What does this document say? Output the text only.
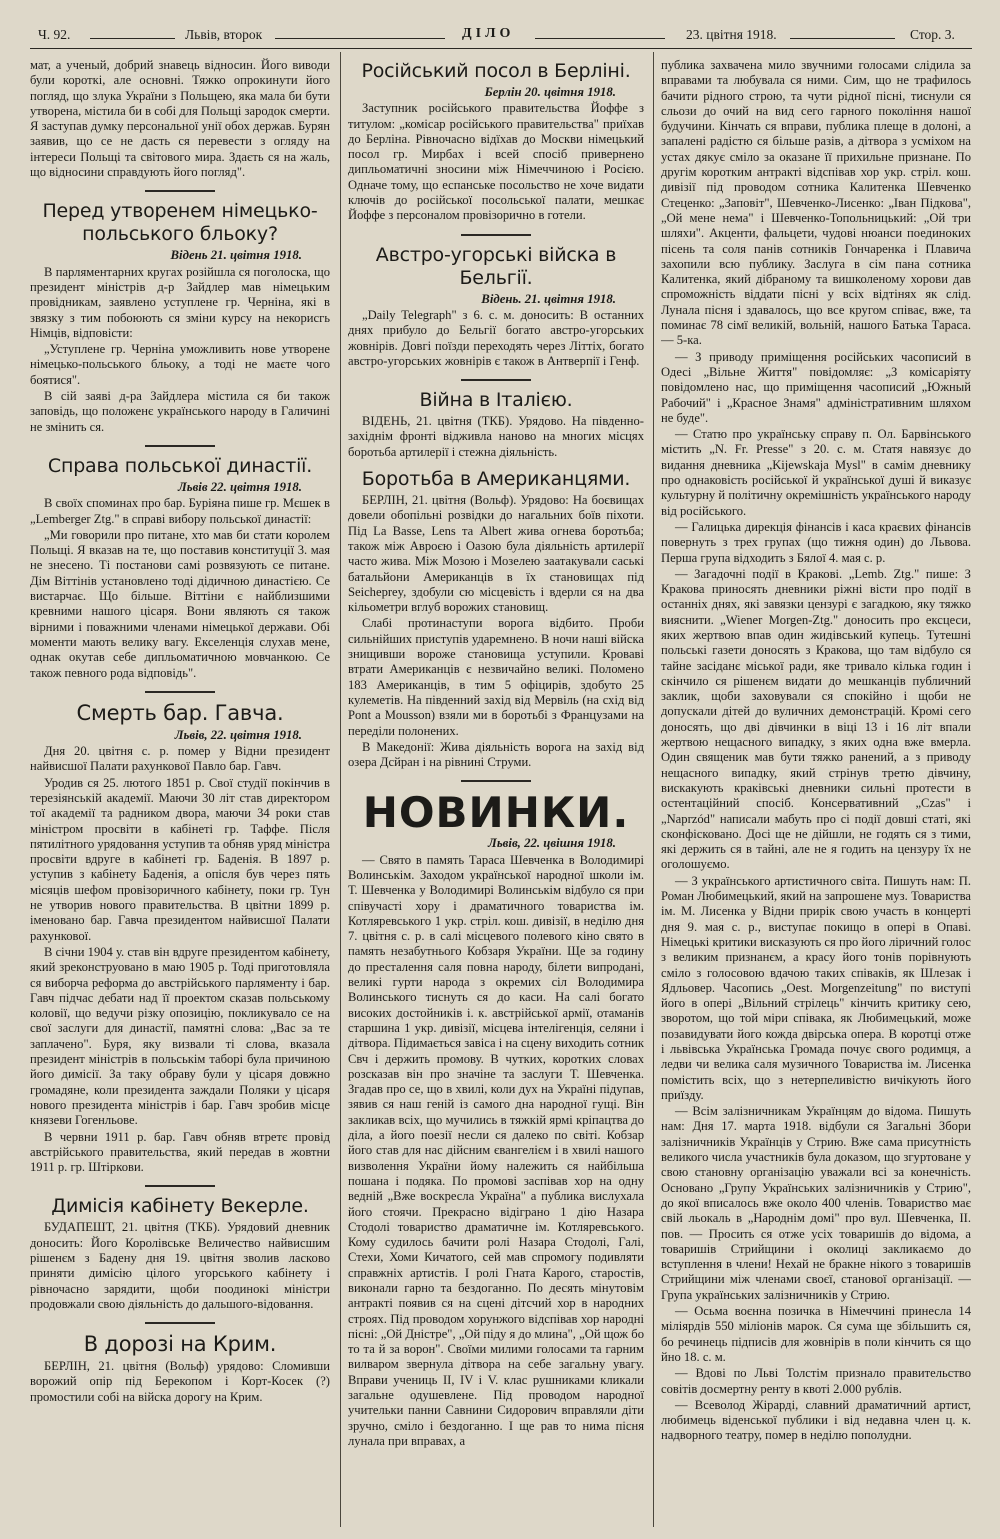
Ч. 92.	Львів, второк	ДІЛО	23. цвітня 1918.	Стор. 3.

мат, а ученый, добрий знавець відносин. Його виводи були короткі, але основні. Тяжко опрокинути його погляд, що злука України з Польщею, яка мала би бути утворена, містила би в собі для Польщі зародок смерти. Я заступав думку персональної унії обох держав. Бурян заявив, що се не дасть ся перевести з огляду на інтереси Польщі та світового мира. Здаєть ся на жаль, що відносини справдують його погляд".

Перед утворенем німецько-польського бльоку?

Відень 21. цвітня 1918.

В парляментарних кругах розійшла ся поголоска, що президент міністрів д-р Зайдлер мав німецьким провідникам, заявлено уступлене гр. Черніна, які в звязку з тим побоюють ся зміни курсу на некорисгь Німців, відповісти:

„Уступлене гр. Черніна уможливить нове утворене німецько-польського бльоку, а тоді не маєте чого боятися".

В сій заяві д-ра Зайдлера містила ся би також заповідь, що положенє українського народу в Галичині не змінить ся.

Справа польської династії.

Львів 22. цвітня 1918.

В своїх споминах про бар. Буріяна пише гр. Мєшек в „Lemberger Ztg." в справі вибору польської династії:

„Ми говорили про питане, хто мав би стати королем Польщі. Я вказав на те, що поставив конституції 3. мая не знесено. Ті постанови самі розвязують се питане. Дім Віттінів установлено тоді дідичною династією. Се вистарчає. Що більше. Віттіни є найблизшими кревними нашого цісаря. Вони являють ся також вірними і поважними членами німецької держави. Обі моменти мають велику вагу. Екселенція слухав мене, однак окутав себе дипльоматичною мовчанкою. Се також певного рода відповідь".

Смерть бар. Гавча.

Львів, 22. цвітня 1918.

Дня 20. цвітня с. р. помер у Відни президент найвисшої Палати рахункової Павло бар. Гавч.

Уродив ся 25. лютого 1851 р. Свої студії покінчив в терезіянській академії. Маючи 30 літ став директором тої академії та радником двора, маючи 34 роки став міністром просвіти в кабінеті гр. Таффе. Після пятилітного урядовання уступив та обняв уряд міністра просвіти вдруге в кабінеті гр. Баденія. В 1897 р. уступив з кабінету Баденія, а опісля був через пять місяців шефом провізоричного кабінету, поки гр. Тун не утворив нового правительства. В цвітни 1899 р. іменовано бар. Гавча президентом найвисшої Палати рахункової.

В січни 1904 у. став він вдруге президентом кабінету, який зреконструовано в маю 1905 р. Тоді приготовляла ся виборча реформа до австрійського парляменту і бар. Гавч підчас дебати над її проектом сказав польському коловії, що ведучи різку опозицію, покликувало се на свої заслуги для династії, памятні слова: „Вас за те заплачено". Буря, яку визвали ті слова, вказала президент міністрів в польськім таборі була причиною його димісії. За таку обраву були у цісаря довжно громадяне, коли президента заждали Поляки у цісаря нового президента міністрів і бар. Гавч зробив місце князеви Гогенльове.

В червни 1911 р. бар. Гавч обняв втретє провід австрійського правительства, який передав в жовтни 1911 р. гр. Штіркови.

Димісія кабінету Векерле.

БУДАПЕШТ, 21. цвітня (ТКБ). Урядовий дневник доносить: Його Королівське Величество найвисшим рішенєм з Бадену дня 19. цвітня зволив ласково приняти димісію цілого угорського кабінету і рівночасно зарядити, щоби поодинокі міністри продовжали свою діяльність до дальшого-відовання.

В дорозі на Крим.

БЕРЛІН, 21. цвітня (Вольф) урядово: Сломивши ворожий опір під Берекопом і Корт-Косек (?) промостили собі на війска дорогу на Крим.

Російський посол в Берліні.

Берлін 20. цвітня 1918.

Заступник російського правительства Йоффе з титулом: „комісар російського правительства" приїхав до Берліна. Рівночасно відїхав до Москви німецький посол гр. Мирбах і всей спосіб привернено дипльоматичні зносини між Німеччиною і Росією. Одначе тому, що еспанське посольство не хоче видати ключів до російської посольської палати, мешкає Йоффе з персоналом провізорично в готели.

Австро-угорські війска в Бельгії.

Відень. 21. цвітня 1918.

„Daily Telegraph" з 6. с. м. доносить: В останних днях прибуло до Бельгії богато австро-угорських жовнірів. Довгі поїзди переходять через Літтіх, богато австро-угорських жовнірів є також в Антверпії і Генф.

Війна в Італією.

ВІДЕНЬ, 21. цвітня (ТКБ). Урядово. На південно-західнім фронті відживла наново на многих місцях боротьба артилерії і стежна діяльність.

Боротьба в Американцями.

БЕРЛІН, 21. цвітня (Вольф). Урядово: На боєвищах довели обопільні розвідки до нагальних боїв піхоти. Під La Basse, Lens та Albert жива огнева боротьба; також між Авроєю і Оазою була діяльність артилерії часто жива. Між Мозою і Мозелею заатакували саські батальйони Американців в їх становищах під Seicheprey, здобули сю місцевість і вдерли ся на два кільометри вглуб ворожих становищ.

Слабі протинаступи ворога відбито. Проби сильнійших приступів ударемнено. В ночи наші війска знищивши вороже становища уступили. Кроваві втрати Американців є незвичайно великі. Поломено 183 Американців, в тим 5 офіцирів, здобуто 25 кулеметів. На південний захід від Мервіль (на схід від Pont a Mousson) взяли ми в боротьбі з Французами на переділи полонених.

В Македонії: Жива діяльність ворога на захід від озера Дсйран і на рівнині Струми.

НОВИНКИ.

Львів, 22. цвішня 1918.

— Свято в память Тараса Шевченка в Володимирі Волинськім. Заходом української народної школи ім. Т. Шевченка у Володимирі Волинськім відбуло ся при співучасті хору і драматичного товариства ім. Котляревського 1 укр. стріл. кош. дивізії, в неділю дня 7. цвітня с. р. в салі місцевого полевого кіно свято в память незабутнього Кобзаря України. Ще за годину до престалення саля повна народу, білети випродані, великі гурти народа з окремих сіл Володимира Волинського тиснуть ся до каси. На салі богато високих достойників і. к. австрійської армії, отаманів старшина 1 укр. дивізії, місцева інтелігенція, селяни і дітвора. Підимається завіса і на сцену виходить сотник Свч і держить промову. В чутких, коротких словах розсказав він про значіне та заслуги Т. Шевченка. Згадав про се, що в хвилі, коли дух на Україні підупав, зявив ся наш геній із самого дна народної гущі. Він закликав всіх, що мучились в тяжкій ярмі кріпацтва до діла, а його поезії несли ся далеко по світі. Кобзар його став для нас дійсним євангелієм і в хвилі нашого визволення України йому належить ся найбільша пошана і подяка. По промові заспівав хор на одну ведній „Вже воскресла Україна" а публика вислухала його стоячи. Прекрасно відіграно 1 дію Назара Стодолі товариство драматичне ім. Котляревського. Кому судилось бачити ролі Назара Стодолі, Галі, Стехи, Хоми Кичатого, сей мав спромогу подивляти справжніх артистів. І ролі Гната Карого, старостів, виконали гарно та бездоганно. По десять мінутовім антракті появив ся на сцені дітсчий хор в народних строях. Під проводом хорунжого відспівав хор народні пісні: „Ой Дністре", „Ой піду я до млина", „Ой щож бо то та й за ворон". Своїми милими голосами та гарним вилваром звернула дітвора на себе загальну увагу. Вправи учениць II, IV і V. клас рушниками кликали загальне одушевлене. Під проводом народної учительки панни Савнини Сидорович вправляли діти зручно, сміло і бездоганно. І ще рав то нима пісня лунала при вправах, а

публика захвачена мило звучними голосами слідила за вправами та любувала ся ними. Сим, що не трафилось бачити рідного строю, та чути рідної пісні, тиснули ся сльози до очий на вид сего гарного покоління нашої будучини. Кінчать ся вправи, публика плеще в долоні, а запалені радістю ся більше разів, а дітвора з усміхом на устах дякує сміло за оказане її прихильне признане. По другім коротким антракті відспівав хор укр. стріл. кош. дивізії під проводом сотника Калитенка Шевченко Стеценко: „Заповіт", Шевченко-Лисенко: „Іван Підкова", „Ой мене нема" і Шевченко-Топольницький: „Ой три шляхи". Акценти, фальцети, чудові нюанси поединоких пісень та соля панів сотників Гончаренка і Плавича захопили всю публику. Заслуга в сім пана сотника Калитенка, який дібраному та вишколеному хорови дав спроможність віддати пісні у всіх відтінях як слід. Лунала пісня і здавалось, що все кругом співає, вже, та поминає 78 сімї великій, вольній, нашого Батька Тараса. — 5-ка.

— З приводу приміщення російських часописий в Одесі „Вільне Життя" повідомляє: „З комісаріяту повідомлено нас, що приміщення часописий „Южный Рабочий" і „Красное Знамя" адміністративним шляхом не буде".

— Статю про українську справу п. Ол. Барвінського містить „N. Fr. Presse" з 20. с. м. Статя навязує до видання дневника „Kijewskaja Mysl" в самім дневнику про однаковість російської й української душі й виказує культурну й політичну окремішність українського народу від російського.

— Галицька дирекція фінансів і каса краєвих фінансів повернуть з трех групах (що тижня один) до Львова. Перша група відходить з Бялої 4. мая с. р.

— Загадочні події в Кракові. „Lemb. Ztg." пише: З Кракова приносять дневники ріжні вісти про події в останніх днях, які завязки цензурі є загадкою, яку тяжко вияснити. „Wiener Morgen-Ztg." доносить про ексцеси, яких жертвою впав один жидівський купець. Тутешні польські газети доносять з Кракова, що там відбуло ся тайне засіданє міської ради, яке тривало кілька годин і скінчило ся рішенєм видати до мешканців публичний заклик, щоби заховували ся спокійно і щоби не допускали дітей до вуличних демонстрацій. Кромі сего доносять, що дві дівчинки в віці 13 і 16 літ впали жертвою нещасного випадку, з яких одна вже вмерла. Один священик мав бути тяжко ранений, а з приводу нещасного випадку, який стрінув третю дівчину, вискакують краківські дневники сильні протести в остентаційний спосіб. Консервативний „Czas" і „Naprzód" написали мабуть про сі події довші статі, які сконфісковано. Досі ще не дійшли, не годять ся з тими, які держить ся в тайні, але не я годить на цензуру їх не оголошуємо.

— З українського артистичного світа. Пишуть нам: П. Роман Любимецький, який на запрошене муз. Товариства ім. М. Лисенка у Відни прирік свою участь в концерті дня 9. мая с. р., виступає покищо в опері в Опаві. Німецькі критики висказують ся про його ліричний голос з великим признанєм, а красу його тонів порівнують сміло з голосовою вдачою таких співаків, як Шлезак і Ядльовер. Часопись „Oest. Morgenzeitung" по виступі його в опері „Вільний стрілець" кінчить критику сею, зворотом, що той міри співака, як Любимецький, може позавидувати його кожда двірська опера. В коротці отже і львівська Українська Громада почує свого родимця, а ледви чи велика саля музичного Товариства ім. Лисенка помістить всіх, що з нетерпеливістю вичікують його приїзду.

— Всім залізничникам Українцям до відома. Пишуть нам: Дня 17. марта 1918. відбули ся Загальні Збори залізничників Українців у Стрию. Вже сама присутність великого числа участників була доказом, що згуртоване у свою становну організацію уважали всі за конечність. Основано „Групу Українських залізничників у Стрию", до якої вписалось вже около 400 членів. Товариство має свій льокаль в „Народнім домі" про вул. Шевченка, II. пов. — Просить ся отже усіх товаришів до відома, а товаришів Стрийщини і околиці закликаємо до вступлення в члени! Нехай не бракне нікого з товаришів Стрийщини між членами своєї, станової організації. — Група українських залізничників у Стрию.

— Осьма воєнна позичка в Німеччині принесла 14 міліярдів 550 міліонів марок. Ся сума ще збільшить ся, бо речинець підписів для жовнірів в поли кінчить ся що йно 18. с. м.

— Вдові по Льві Толстім признало правительство совітів досмертну ренту в квоті 2.000 рублів.

— Всеволод Жірарді, славний драматичний артист, любимець віденської публики і від недавна член ц. к. надворного театру, помер в неділю пополудни.
